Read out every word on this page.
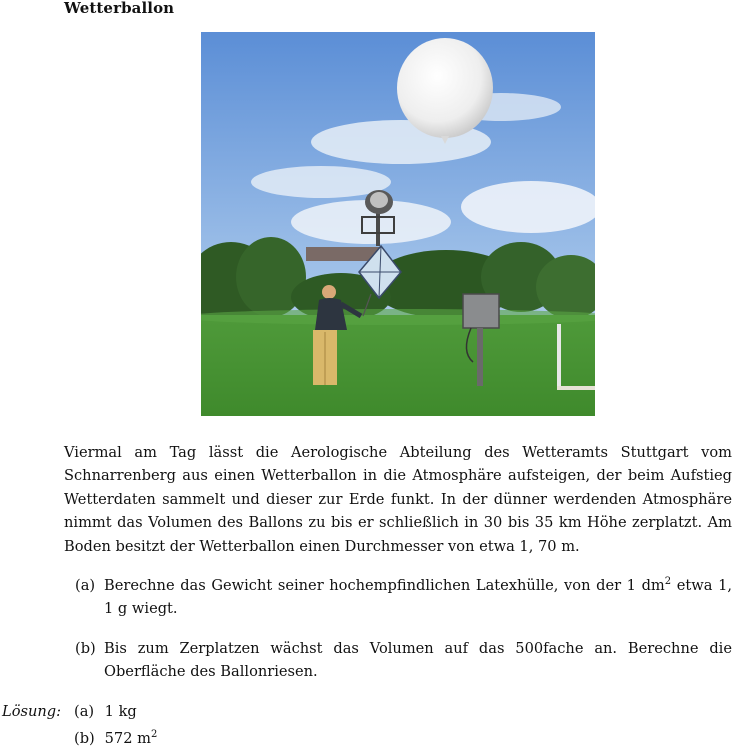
Wetterballon
Viermal am Tag lässt die Aerologische Abteilung des Wetteramts Stuttgart vom Schnarrenberg aus einen Wetterballon in die Atmosphäre aufsteigen, der beim Aufstieg Wetterdaten sammelt und dieser zur Erde funkt. In der dünner werdenden Atmosphäre nimmt das Volumen des Ballons zu bis er schließlich in 30 bis 35 km Höhe zerplatzt. Am Boden besitzt der Wetterballon einen Durchmesser von etwa 1, 70 m.
(a) Berechne das Gewicht seiner hochempfindlichen Latexhülle, von der 1 $dm^2$ etwa 1, 1 g wiegt.
(b) Bis zum Zerplatzen wächst das Volumen auf das 500fache an. Berechne die Oberfläche des Ballonriesen.
Lösung: (a) 1 kg
(b) 572 $m^2$
